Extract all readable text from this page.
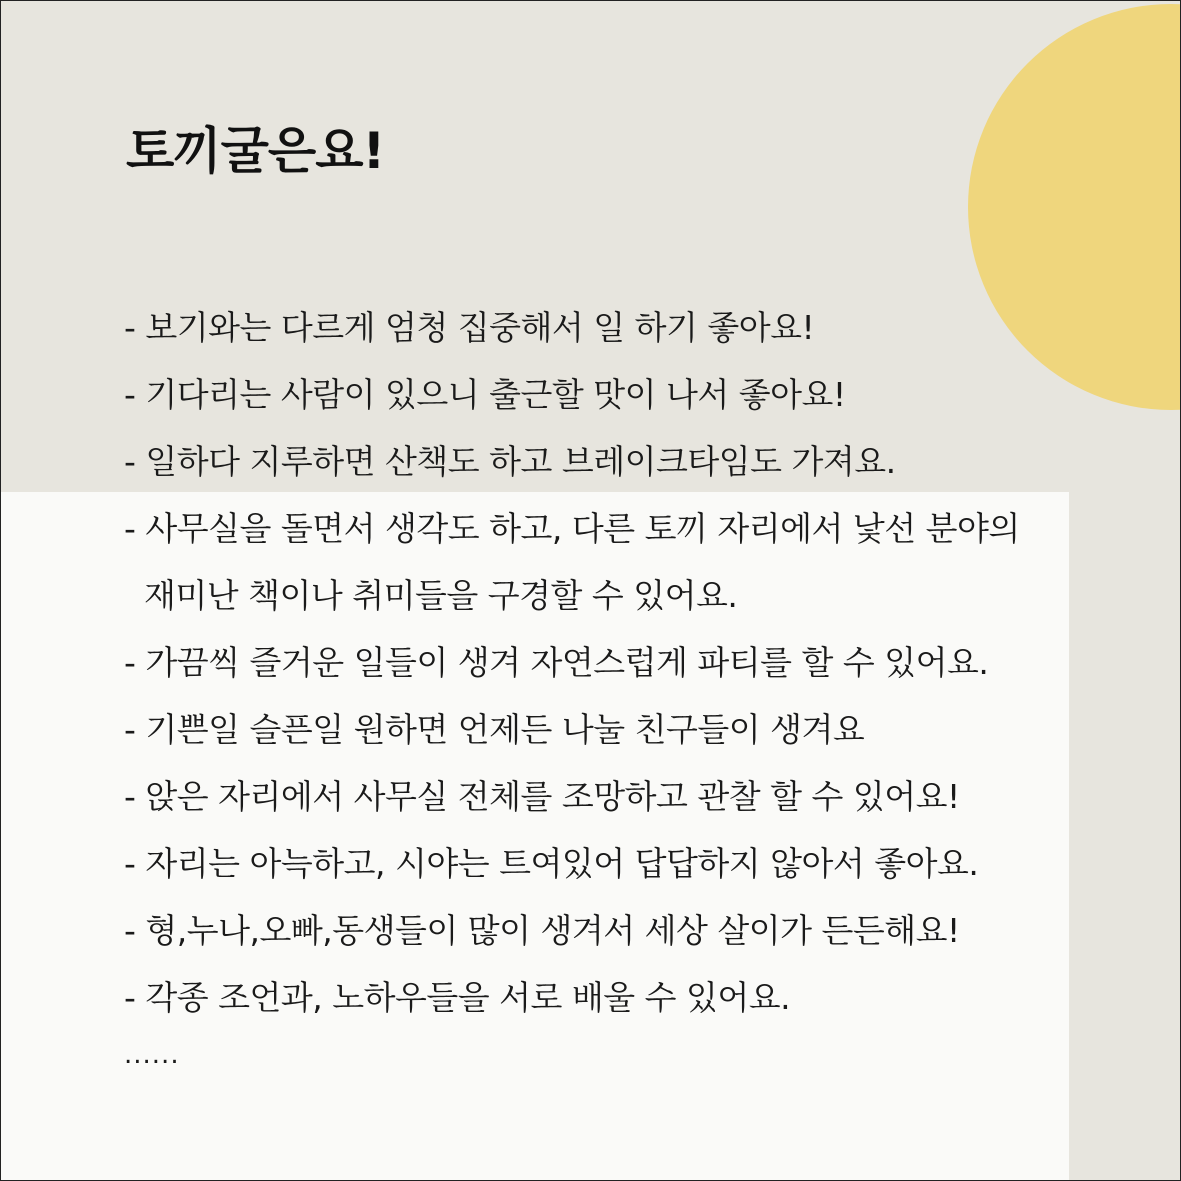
토끼굴은요!
- 보기와는 다르게 엄청 집중해서 일 하기 좋아요!
- 기다리는 사람이 있으니 출근할 맛이 나서 좋아요!
- 일하다 지루하면 산책도 하고 브레이크타임도 가져요.
- 사무실을 돌면서 생각도 하고, 다른 토끼 자리에서 낯선 분야의
재미난 책이나 취미들을 구경할 수 있어요.
- 가끔씩 즐거운 일들이 생겨 자연스럽게 파티를 할 수 있어요.
- 기쁜일 슬픈일 원하면 언제든 나눌 친구들이 생겨요
- 앉은 자리에서 사무실 전체를 조망하고 관찰 할 수 있어요!
- 자리는 아늑하고, 시야는 트여있어 답답하지 않아서 좋아요.
- 형,누나,오빠,동생들이 많이 생겨서 세상 살이가 든든해요!
- 각종 조언과, 노하우들을 서로 배울 수 있어요.
......
